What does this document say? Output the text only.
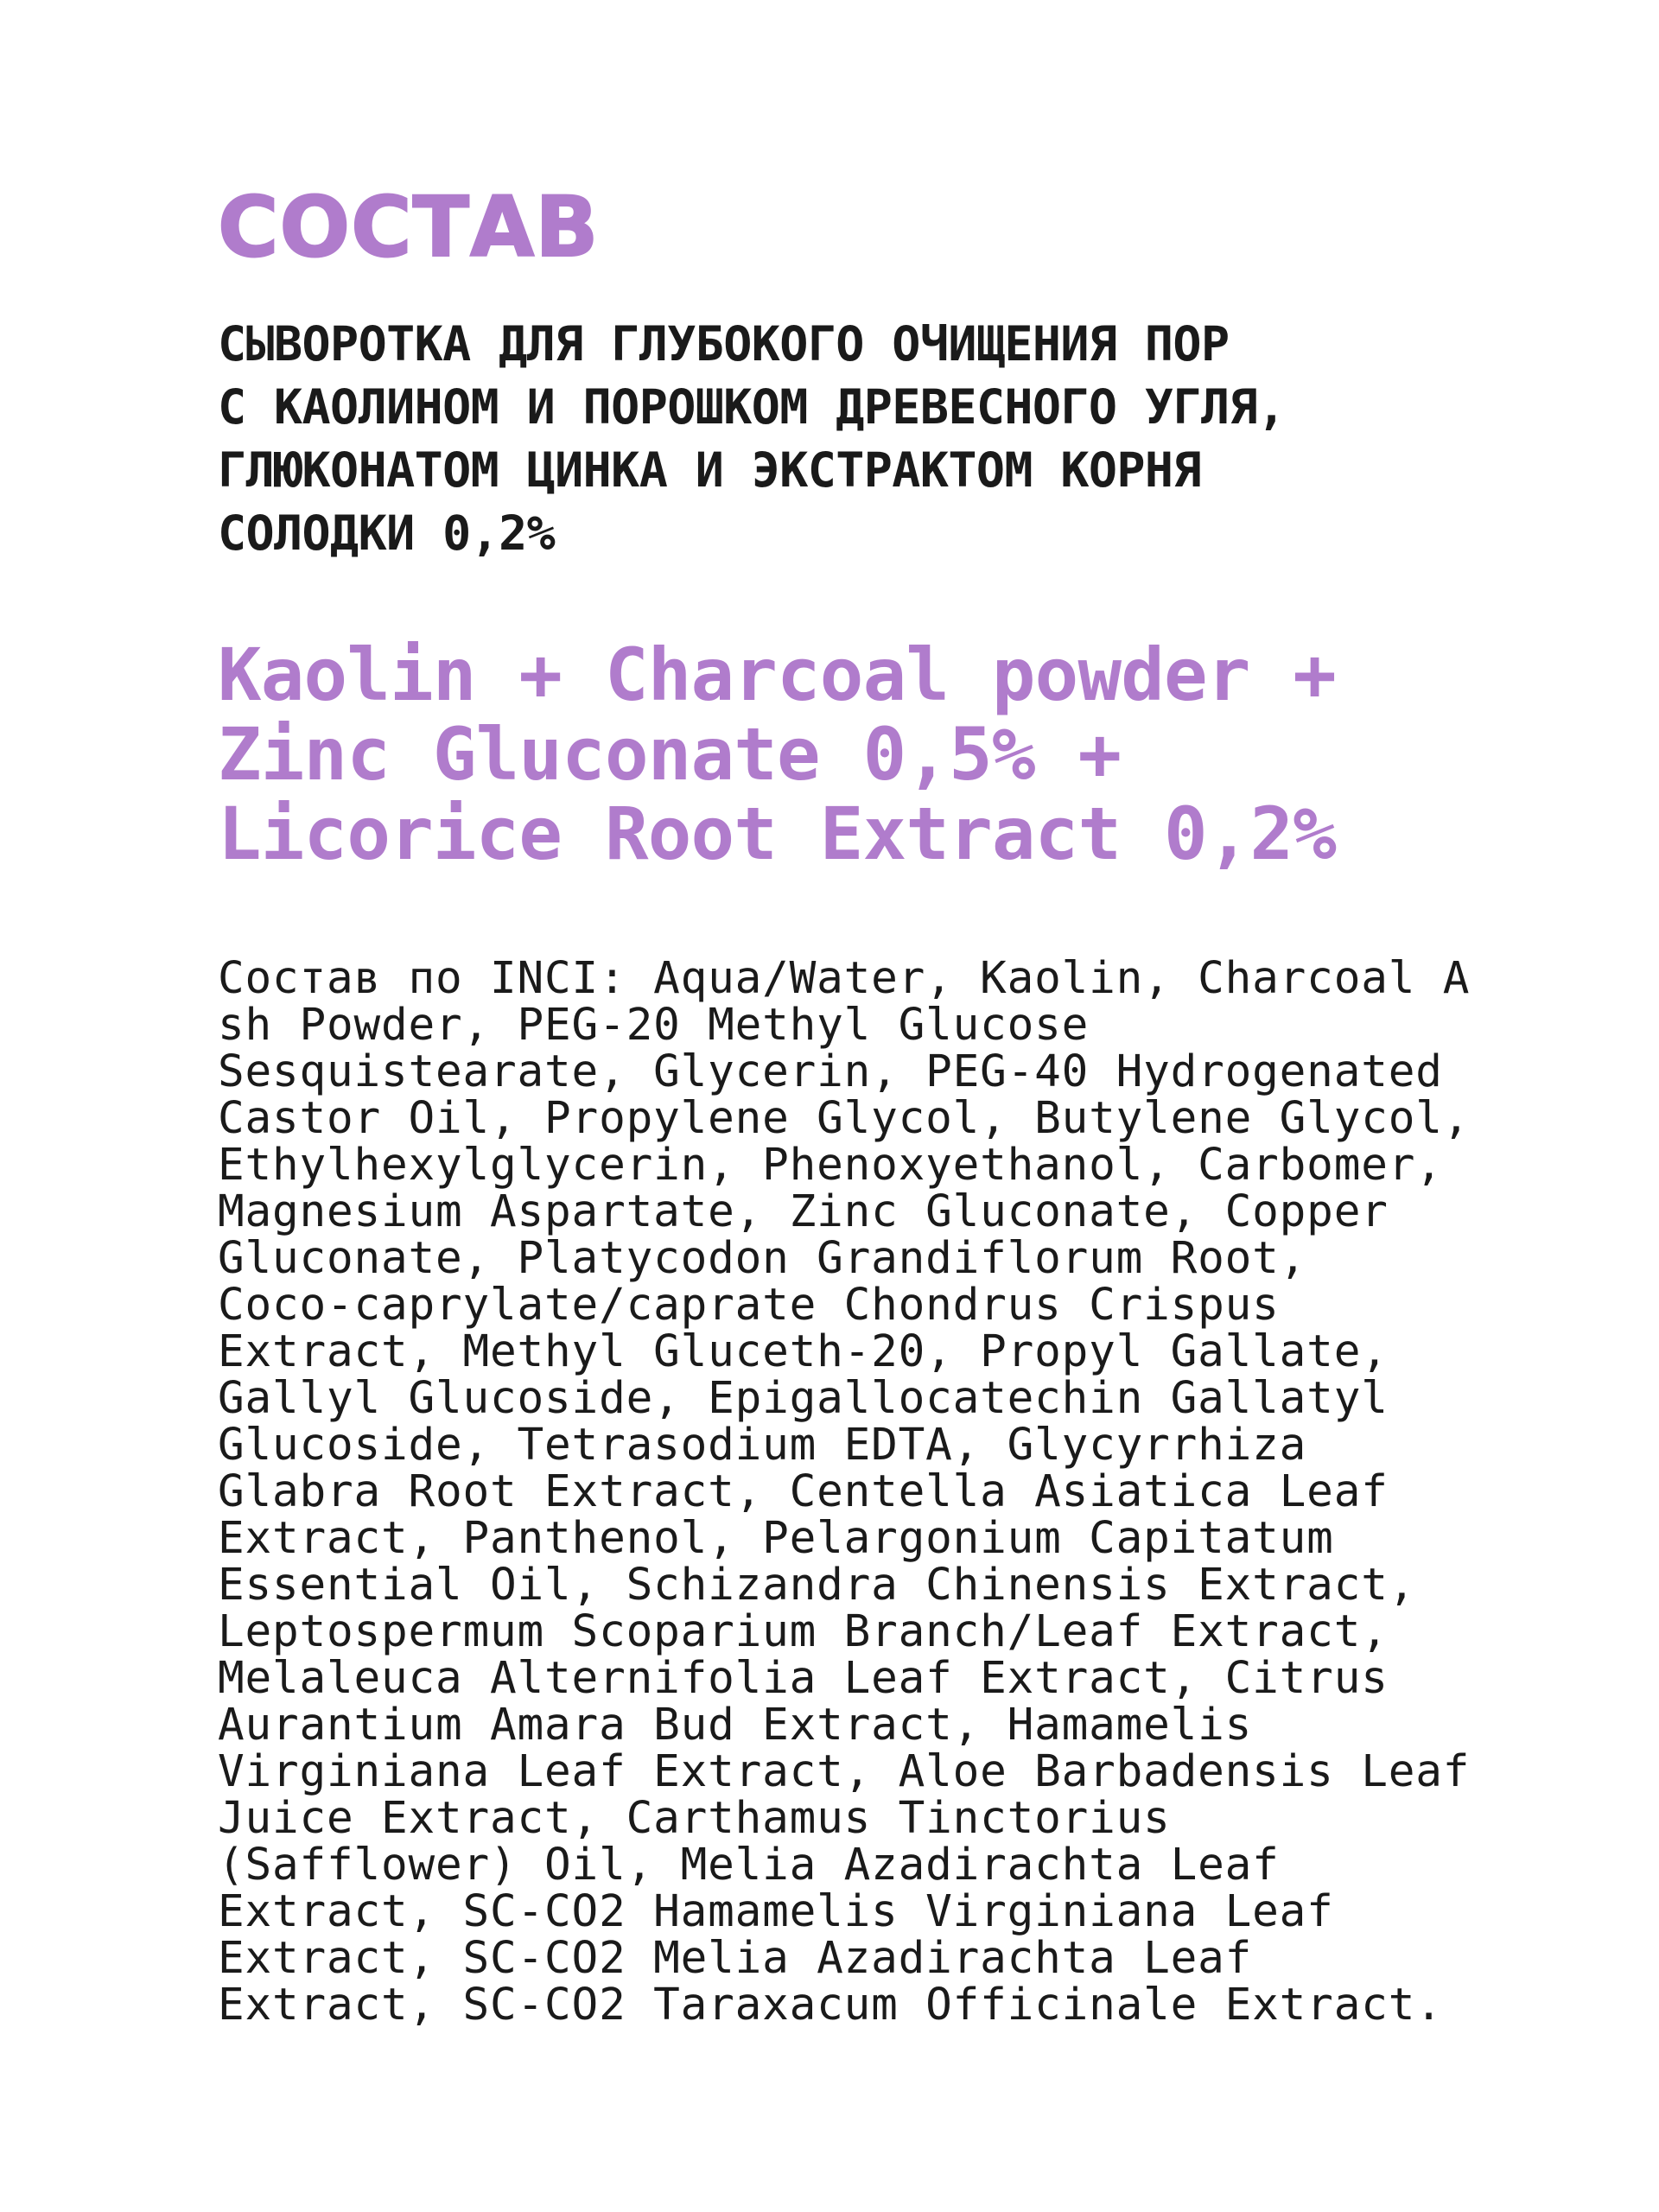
СОСТАВ
СЫВОРОТКА ДЛЯ ГЛУБОКОГО ОЧИЩЕНИЯ ПОР
С КАОЛИНОМ И ПОРОШКОМ ДРЕВЕСНОГО УГЛЯ,
ГЛЮКОНАТОМ ЦИНКА И ЭКСТРАКТОМ КОРНЯ
СОЛОДКИ 0,2%
Kaolin + Charcoal powder +
Zinc Gluconate 0,5% +
Licorice Root Extract 0,2%
Состав по INCI: Aqua/Water, Kaolin, Charcoal A
sh Powder, PEG-20 Methyl Glucose
Sesquistearate, Glycerin, PEG-40 Hydrogenated
Castor Oil, Propylene Glycol, Butylene Glycol,
Ethylhexylglycerin, Phenoxyethanol, Carbomer,
Magnesium Aspartate, Zinc Gluconate, Copper
Gluconate, Platycodon Grandiflorum Root,
Coco-caprylate/caprate Chondrus Crispus
Extract, Methyl Gluceth-20, Propyl Gallate,
Gallyl Glucoside, Epigallocatechin Gallatyl
Glucoside, Tetrasodium EDTA, Glycyrrhiza
Glabra Root Extract, Centella Asiatica Leaf
Extract, Panthenol, Pelargonium Capitatum
Essential Oil, Schizandra Chinensis Extract,
Leptospermum Scoparium Branch/Leaf Extract,
Melaleuca Alternifolia Leaf Extract, Citrus
Aurantium Amara Bud Extract, Hamamelis
Virginiana Leaf Extract, Aloe Barbadensis Leaf
Juice Extract, Carthamus Tinctorius
(Safflower) Oil, Melia Azadirachta Leaf
Extract, SC-CO2 Hamamelis Virginiana Leaf
Extract, SC-CO2 Melia Azadirachta Leaf
Extract, SC-CO2 Taraxacum Officinale Extract.
